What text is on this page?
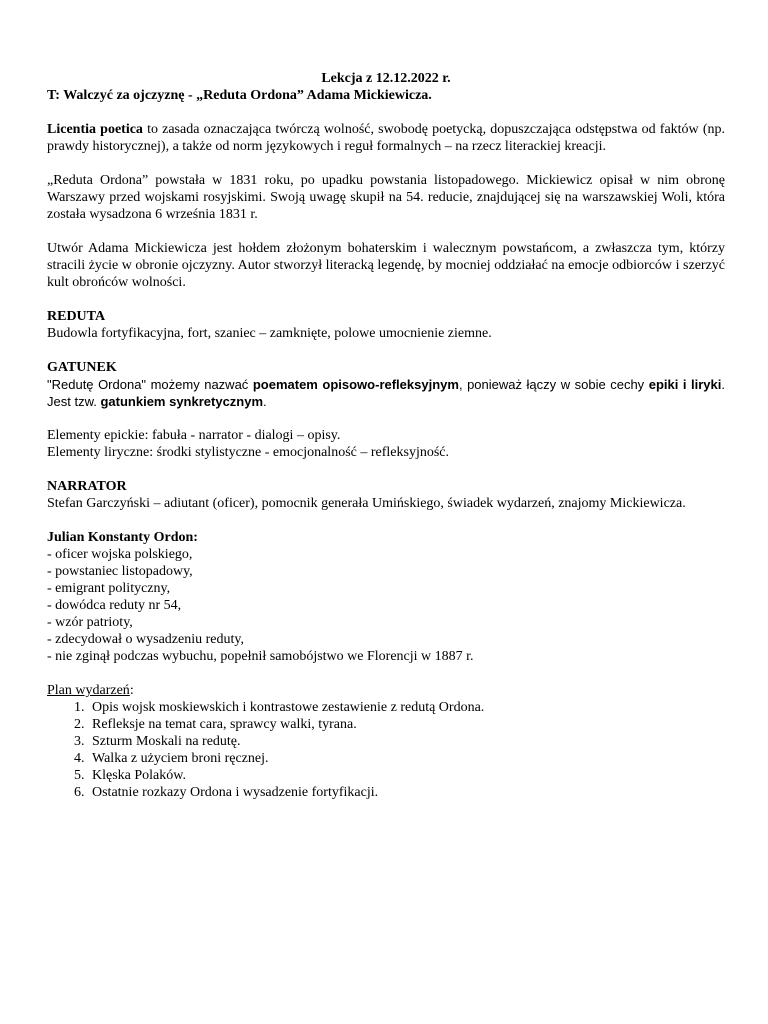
Lekcja z 12.12.2022 r.

T: Walczyć za ojczyznę - „Reduta Ordona” Adama Mickiewicza.

Licentia poetica to zasada oznaczająca twórczą wolność, swobodę poetycką, dopuszczająca odstępstwa od faktów (np. prawdy historycznej), a także od norm językowych i reguł formalnych – na rzecz literackiej kreacji.

„Reduta Ordona” powstała w 1831 roku, po upadku powstania listopadowego. Mickiewicz opisał w nim obronę Warszawy przed wojskami rosyjskimi. Swoją uwagę skupił na 54. reducie, znajdującej się na warszawskiej Woli, która została wysadzona 6 września 1831 r.

Utwór Adama Mickiewicza jest hołdem złożonym bohaterskim i walecznym powstańcom, a zwłaszcza tym, którzy stracili życie w obronie ojczyzny. Autor stworzył literacką legendę, by mocniej oddziałać na emocje odbiorców i szerzyć kult obrońców wolności.

REDUTA

Budowla fortyfikacyjna, fort, szaniec – zamknięte, polowe umocnienie ziemne.

GATUNEK

"Redutę Ordona" możemy nazwać poematem opisowo-refleksyjnym, ponieważ łączy w sobie cechy epiki i liryki. Jest tzw. gatunkiem synkretycznym.

Elementy epickie: fabuła - narrator - dialogi – opisy.

Elementy liryczne: środki stylistyczne - emocjonalność – refleksyjność.

NARRATOR

Stefan Garczyński – adiutant (oficer), pomocnik generała Umińskiego, świadek wydarzeń, znajomy Mickiewicza.

Julian Konstanty Ordon:

- oficer wojska polskiego,
- powstaniec listopadowy,
- emigrant polityczny,
- dowódca reduty nr 54,
- wzór patrioty,
- zdecydował o wysadzeniu reduty,
- nie zginął podczas wybuchu, popełnił samobójstwo we Florencji w 1887 r.

Plan wydarzeń:

1. Opis wojsk moskiewskich i kontrastowe zestawienie z redutą Ordona.
2. Refleksje na temat cara, sprawcy walki, tyrana.
3. Szturm Moskali na redutę.
4. Walka z użyciem broni ręcznej.
5. Klęska Polaków.
6. Ostatnie rozkazy Ordona i wysadzenie fortyfikacji.
